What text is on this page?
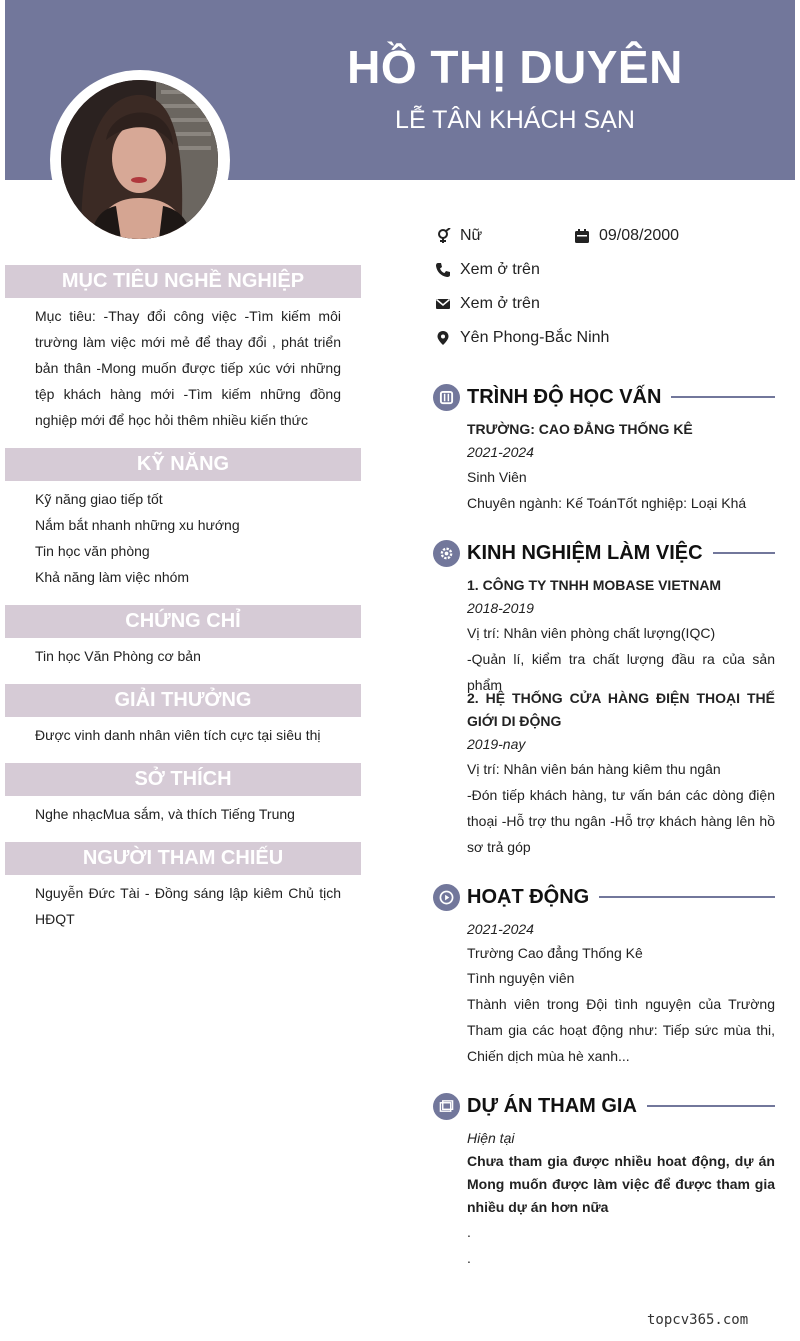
HỒ THỊ DUYÊN
LỄ TÂN KHÁCH SẠN
MỤC TIÊU NGHỀ NGHIỆP
Mục tiêu: -Thay đổi công việc -Tìm kiếm môi trường làm việc mới mẻ để thay đổi , phát triển bản thân -Mong muốn được tiếp xúc với những tệp khách hàng mới -Tìm kiếm những đồng nghiệp mới để học hỏi thêm nhiều kiến thức
KỸ NĂNG
Kỹ năng giao tiếp tốt
Nắm bắt nhanh những xu hướng
Tin học văn phòng
Khả năng làm việc nhóm
CHỨNG CHỈ
Tin học Văn Phòng cơ bản
GIẢI THƯỞNG
Được vinh danh nhân viên tích cực tại siêu thị
SỞ THÍCH
Nghe nhạcMua sắm, và thích Tiếng Trung
NGƯỜI THAM CHIẾU
Nguyễn Đức Tài - Đồng sáng lập kiêm Chủ tịch HĐQT
Nữ	09/08/2000
Xem ở trên
Xem ở trên
Yên Phong-Bắc Ninh
TRÌNH ĐỘ HỌC VẤN
TRƯỜNG: CAO ĐẲNG THỐNG KÊ
2021-2024
Sinh Viên
Chuyên ngành: Kế ToánTốt nghiệp: Loại Khá
KINH NGHIỆM LÀM VIỆC
1. CÔNG TY TNHH MOBASE VIETNAM
2018-2019
Vị trí: Nhân viên phòng chất lượng(IQC)
-Quản lí, kiểm tra chất lượng đầu ra của sản phẩm
2. HỆ THỐNG CỬA HÀNG ĐIỆN THOẠI THẾ GIỚI DI ĐỘNG
2019-nay
Vị trí: Nhân viên bán hàng kiêm thu ngân
-Đón tiếp khách hàng, tư vấn bán các dòng điện thoại -Hỗ trợ thu ngân -Hỗ trợ khách hàng lên hồ sơ trả góp
HOẠT ĐỘNG
2021-2024
Trường Cao đẳng Thống Kê
Tình nguyện viên
Thành viên trong Đội tình nguyện của Trường Tham gia các hoạt động như: Tiếp sức mùa thi, Chiến dịch mùa hè xanh...
DỰ ÁN THAM GIA
Hiện tại
Chưa tham gia được nhiều hoat động, dự án Mong muốn được làm việc để được tham gia nhiều dự án hơn nữa
.
.
topcv365.com
